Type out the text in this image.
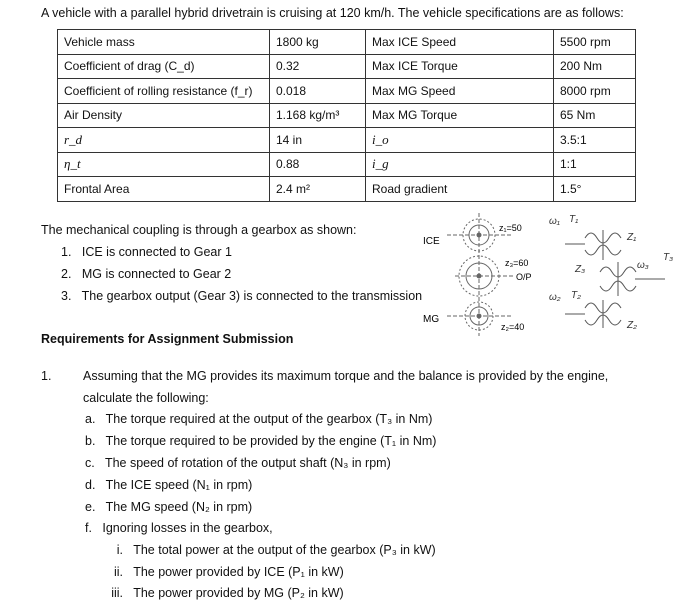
A vehicle with a parallel hybrid drivetrain is cruising at 120 km/h. The vehicle specifications are as follows:
Vehicle mass	1800 kg	Max ICE Speed	5500 rpm
Coefficient of drag (C_d)	0.32	Max ICE Torque	200 Nm
Coefficient of rolling resistance (f_r)	0.018	Max MG Speed	8000 rpm
Air Density	1.168 kg/m³	Max MG Torque	65 Nm
r_d	14 in	i_o	3.5:1
η_t	0.88	i_g	1:1
Frontal Area	2.4 m²	Road gradient	1.5°
The mechanical coupling is through a gearbox as shown:
1. ICE is connected to Gear 1
2. MG is connected to Gear 2
3. The gearbox output (Gear 3) is connected to the transmission
ICE
MG
z₁=50
z₃=60
O/P
z₂=40
ω₁ T₁
Z₁
Z₃	ω₃
T₃
ω₂ T₂
Z₂
Requirements for Assignment Submission
1.	Assuming that the MG provides its maximum torque and the balance is provided by the engine,
calculate the following:
a. The torque required at the output of the gearbox (T₃ in Nm)
b. The torque required to be provided by the engine (T₁ in Nm)
c. The speed of rotation of the output shaft (N₃ in rpm)
d. The ICE speed (N₁ in rpm)
e. The MG speed (N₂ in rpm)
f. Ignoring losses in the gearbox,
i. The total power at the output of the gearbox (P₃ in kW)
ii. The power provided by ICE (P₁ in kW)
iii. The power provided by MG (P₂ in kW)
